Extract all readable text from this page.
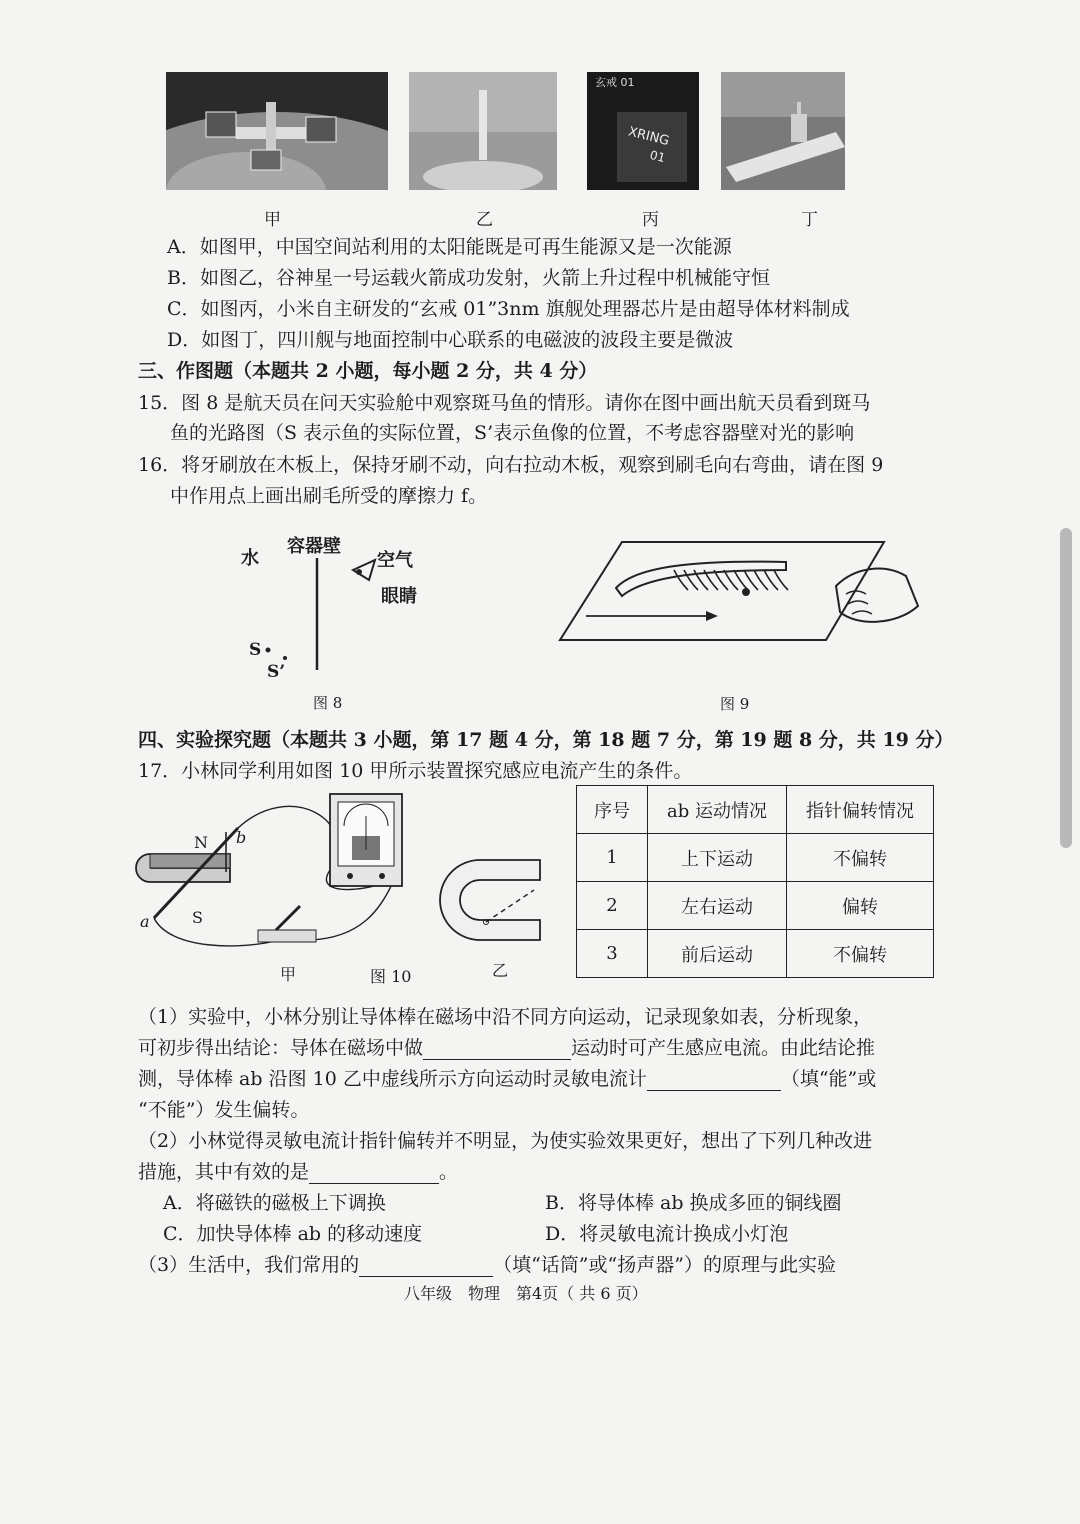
玄戒 01
XRING
01
甲	乙	丙	丁
A．如图甲，中国空间站利用的太阳能既是可再生能源又是一次能源
B．如图乙，谷神星一号运载火箭成功发射，火箭上升过程中机械能守恒
C．如图丙，小米自主研发的“玄戒 01”3nm 旗舰处理器芯片是由超导体材料制成
D．如图丁，四川舰与地面控制中心联系的电磁波的波段主要是微波
三、作图题（本题共 2 小题，每小题 2 分，共 4 分）
15．图 8 是航天员在问天实验舱中观察斑马鱼的情形。请你在图中画出航天员看到斑马
鱼的光路图（S 表示鱼的实际位置，S’表示鱼像的位置，不考虑容器壁对光的影响
16．将牙刷放在木板上，保持牙刷不动，向右拉动木板，观察到刷毛向右弯曲，请在图 9
中作用点上画出刷毛所受的摩擦力 f。
水
容器壁
空气
眼睛
S
S’
图 8	图 9
四、实验探究题（本题共 3 小题，第 17 题 4 分，第 18 题 7 分，第 19 题 8 分，共 19 分）
17．小林同学利用如图 10 甲所示装置探究感应电流产生的条件。
N b
S
a
甲	图 10	乙
序号	ab 运动情况	指针偏转情况
1	上下运动	不偏转
2	左右运动	偏转
3	前后运动	不偏转
（1）实验中，小林分别让导体棒在磁场中沿不同方向运动，记录现象如表，分析现象，
可初步得出结论：导体在磁场中做	运动时可产生感应电流。由此结论推
测，导体棒 ab 沿图 10 乙中虚线所示方向运动时灵敏电流计	（填“能”或
“不能”）发生偏转。
（2）小林觉得灵敏电流计指针偏转并不明显，为使实验效果更好，想出了下列几种改进
措施，其中有效的是	。
A．将磁铁的磁极上下调换	B．将导体棒 ab 换成多匝的铜线圈
C．加快导体棒 ab 的移动速度	D．将灵敏电流计换成小灯泡
（3）生活中，我们常用的	（填“话筒”或“扬声器”）的原理与此实验
八年级　物理　第4页（ 共 6 页）
